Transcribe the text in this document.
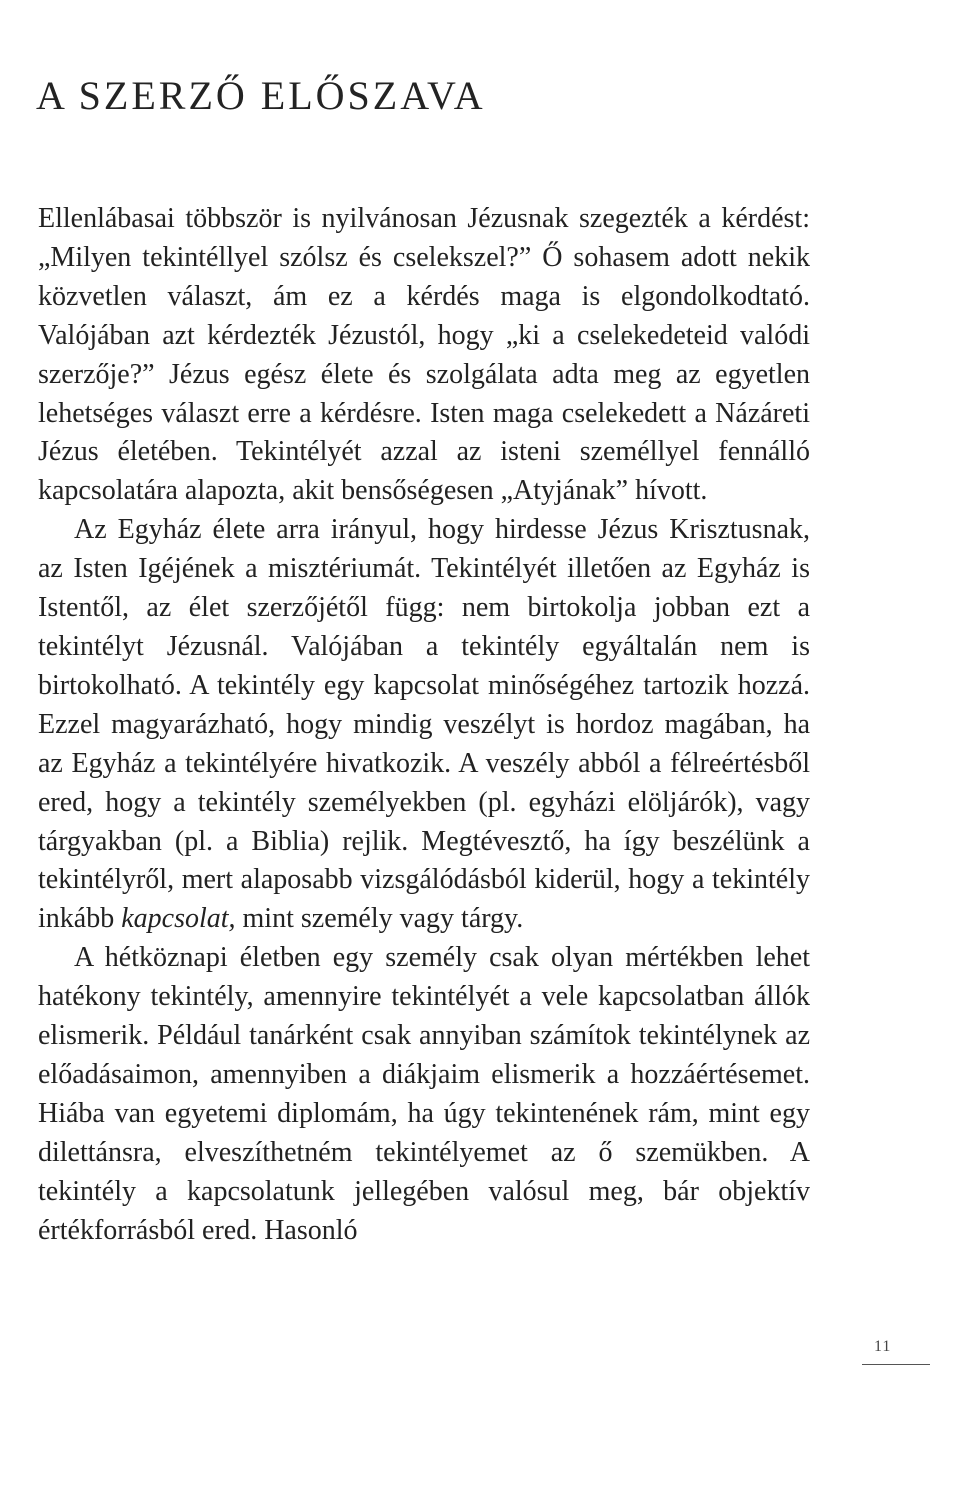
A SZERZŐ ELŐSZAVA

Ellenlábasai többször is nyilvánosan Jézusnak szegezték a kérdést: „Milyen tekintéllyel szólsz és cselekszel?” Ő sohasem adott nekik közvetlen választ, ám ez a kérdés maga is elgondolkodtató. Valójában azt kérdezték Jézustól, hogy „ki a cselekedeteid valódi szerzője?” Jézus egész élete és szolgálata adta meg az egyetlen lehetséges választ erre a kérdésre. Isten maga cselekedett a Názáreti Jézus életében. Tekintélyét azzal az isteni személlyel fennálló kapcsolatára alapozta, akit bensőségesen „Atyjának” hívott.

Az Egyház élete arra irányul, hogy hirdesse Jézus Krisztusnak, az Isten Igéjének a misztériumát. Tekintélyét illetően az Egyház is Istentől, az élet szerzőjétől függ: nem birtokolja jobban ezt a tekintélyt Jézusnál. Valójában a tekintély egyáltalán nem is birtokolható. A tekintély egy kapcsolat minőségéhez tartozik hozzá. Ezzel magyarázható, hogy mindig veszélyt is hordoz magában, ha az Egyház a tekintélyére hivatkozik. A veszély abból a félreértésből ered, hogy a tekintély személyekben (pl. egyházi elöljárók), vagy tárgyakban (pl. a Biblia) rejlik. Megtévesztő, ha így beszélünk a tekintélyről, mert alaposabb vizsgálódásból kiderül, hogy a tekintély inkább kapcsolat, mint személy vagy tárgy.

A hétköznapi életben egy személy csak olyan mértékben lehet hatékony tekintély, amennyire tekintélyét a vele kapcsolatban állók elismerik. Például tanárként csak annyiban számítok tekintélynek az előadásaimon, amennyiben a diákjaim elismerik a hozzáértésemet. Hiába van egyetemi diplomám, ha úgy tekintenének rám, mint egy dilettánsra, elveszíthetném tekintélyemet az ő szemükben. A tekintély a kapcsolatunk jellegében valósul meg, bár objektív értékforrásból ered. Hasonló

11
